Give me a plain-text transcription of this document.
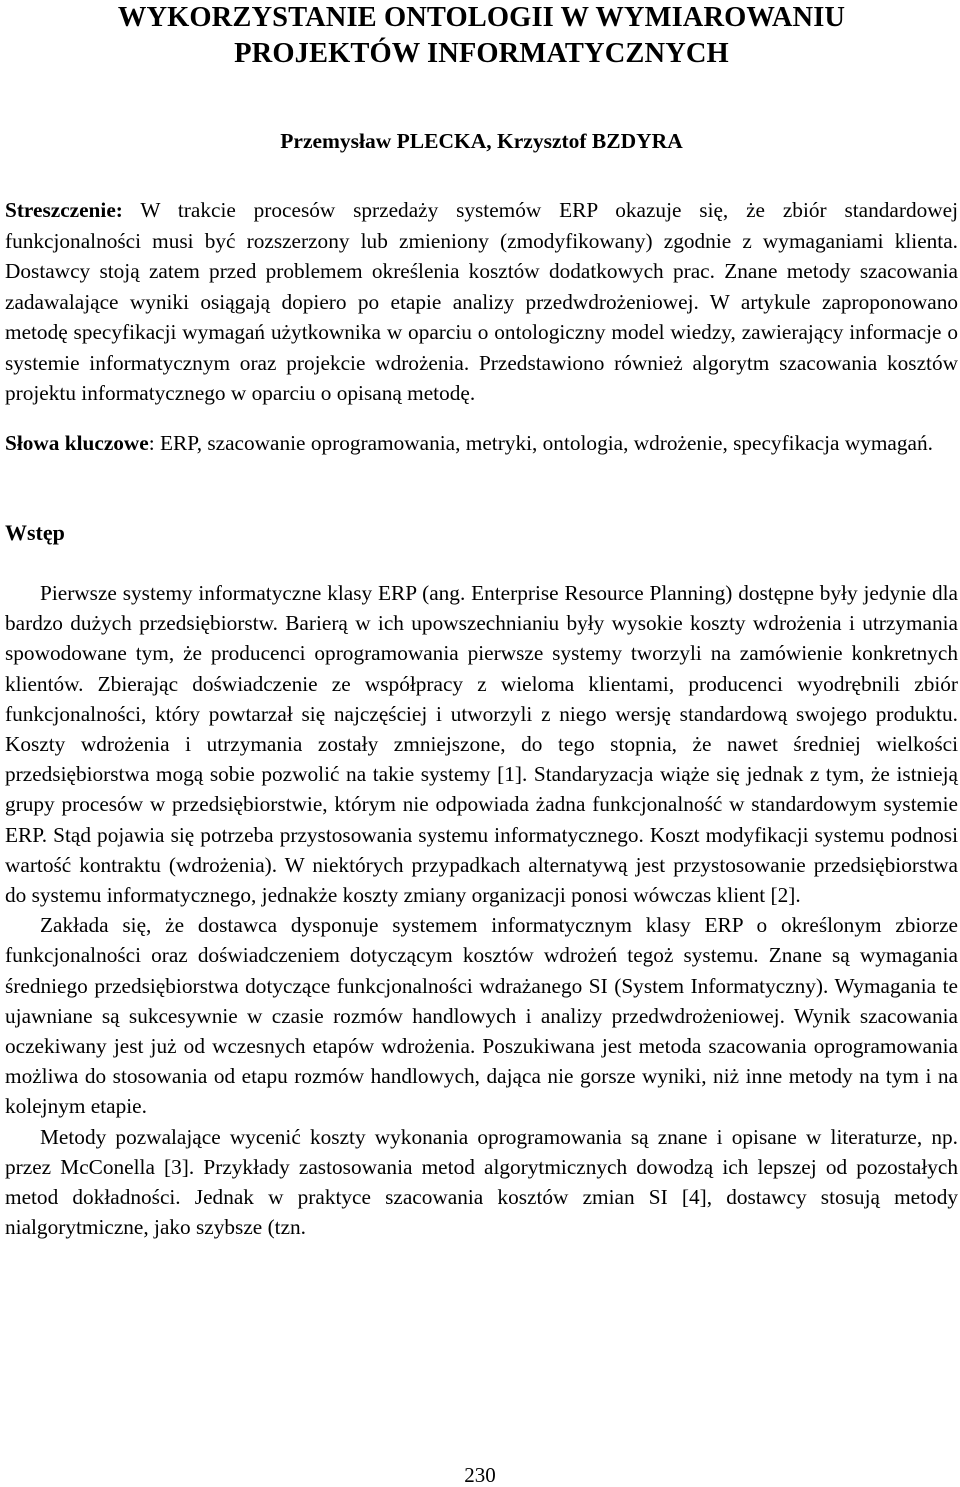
WYKORZYSTANIE ONTOLOGII W WYMIAROWANIU
PROJEKTÓW INFORMATYCZNYCH

Przemysław PLECKA, Krzysztof BZDYRA

Streszczenie: W trakcie procesów sprzedaży systemów ERP okazuje się, że zbiór standardowej funkcjonalności musi być rozszerzony lub zmieniony (zmodyfikowany) zgodnie z wymaganiami klienta. Dostawcy stoją zatem przed problemem określenia kosztów dodatkowych prac. Znane metody szacowania zadawalające wyniki osiągają dopiero po etapie analizy przedwdrożeniowej. W artykule zaproponowano metodę specyfikacji wymagań użytkownika w oparciu o ontologiczny model wiedzy, zawierający informacje o systemie informatycznym oraz projekcie wdrożenia. Przedstawiono również algorytm szacowania kosztów projektu informatycznego w oparciu o opisaną metodę.

Słowa kluczowe: ERP, szacowanie oprogramowania, metryki, ontologia, wdrożenie, specyfikacja wymagań.

Wstęp

Pierwsze systemy informatyczne klasy ERP (ang. Enterprise Resource Planning) dostępne były jedynie dla bardzo dużych przedsiębiorstw. Barierą w ich upowszechnianiu były wysokie koszty wdrożenia i utrzymania spowodowane tym, że producenci oprogramowania pierwsze systemy tworzyli na zamówienie konkretnych klientów. Zbierając doświadczenie ze współpracy z wieloma klientami, producenci wyodrębnili zbiór funkcjonalności, który powtarzał się najczęściej i utworzyli z niego wersję standardową swojego produktu. Koszty wdrożenia i utrzymania zostały zmniejszone, do tego stopnia, że nawet średniej wielkości przedsiębiorstwa mogą sobie pozwolić na takie systemy [1]. Standaryzacja wiąże się jednak z tym, że istnieją grupy procesów w przedsiębiorstwie, którym nie odpowiada żadna funkcjonalność w standardowym systemie ERP. Stąd pojawia się potrzeba przystosowania systemu informatycznego. Koszt modyfikacji systemu podnosi wartość kontraktu (wdrożenia). W niektórych przypadkach alternatywą jest przystosowanie przedsiębiorstwa do systemu informatycznego, jednakże koszty zmiany organizacji ponosi wówczas klient [2].

Zakłada się, że dostawca dysponuje systemem informatycznym klasy ERP o określonym zbiorze funkcjonalności oraz doświadczeniem dotyczącym kosztów wdrożeń tegoż systemu. Znane są wymagania średniego przedsiębiorstwa dotyczące funkcjonalności wdrażanego SI (System Informatyczny). Wymagania te ujawniane są sukcesywnie w czasie rozmów handlowych i analizy przedwdrożeniowej. Wynik szacowania oczekiwany jest już od wczesnych etapów wdrożenia. Poszukiwana jest metoda szacowania oprogramowania możliwa do stosowania od etapu rozmów handlowych, dająca nie gorsze wyniki, niż inne metody na tym i na kolejnym etapie.

Metody pozwalające wycenić koszty wykonania oprogramowania są znane i opisane w literaturze, np. przez McConella [3]. Przykłady zastosowania metod algorytmicznych dowodzą ich lepszej od pozostałych metod dokładności. Jednak w praktyce szacowania kosztów zmian SI [4], dostawcy stosują metody nialgorytmiczne, jako szybsze (tzn.

230
